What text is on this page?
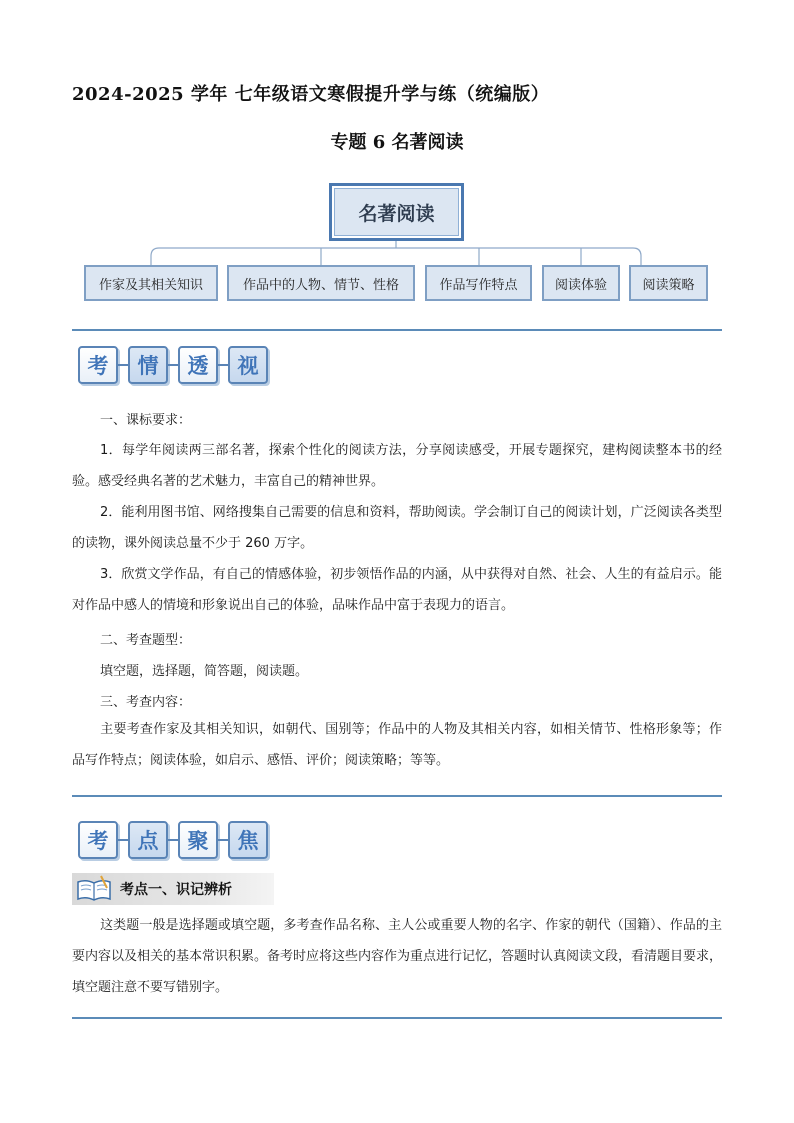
2024-2025 学年 七年级语文寒假提升学与练（统编版）
专题 6 名著阅读
名著阅读
作家及其相关知识	作品中的人物、情节、性格	作品写作特点	阅读体验	阅读策略
考	情	透	视
一、课标要求：
1．每学年阅读两三部名著，探索个性化的阅读方法，分享阅读感受，开展专题探究，建构阅读整本书的经验。感受经典名著的艺术魅力，丰富自己的精神世界。
2．能利用图书馆、网络搜集自己需要的信息和资料，帮助阅读。学会制订自己的阅读计划，广泛阅读各类型的读物，课外阅读总量不少于 260 万字。
3．欣赏文学作品，有自己的情感体验，初步领悟作品的内涵，从中获得对自然、社会、人生的有益启示。能对作品中感人的情境和形象说出自己的体验，品味作品中富于表现力的语言。
二、考查题型：
填空题，选择题，简答题，阅读题。
三、考查内容：
主要考查作家及其相关知识，如朝代、国别等；作品中的人物及其相关内容，如相关情节、性格形象等；作品写作特点；阅读体验，如启示、感悟、评价；阅读策略；等等。
考	点	聚	焦
考点一、识记辨析
这类题一般是选择题或填空题，多考查作品名称、主人公或重要人物的名字、作家的朝代（国籍）、作品的主要内容以及相关的基本常识积累。备考时应将这些内容作为重点进行记忆，答题时认真阅读文段，看清题目要求，填空题注意不要写错别字。
